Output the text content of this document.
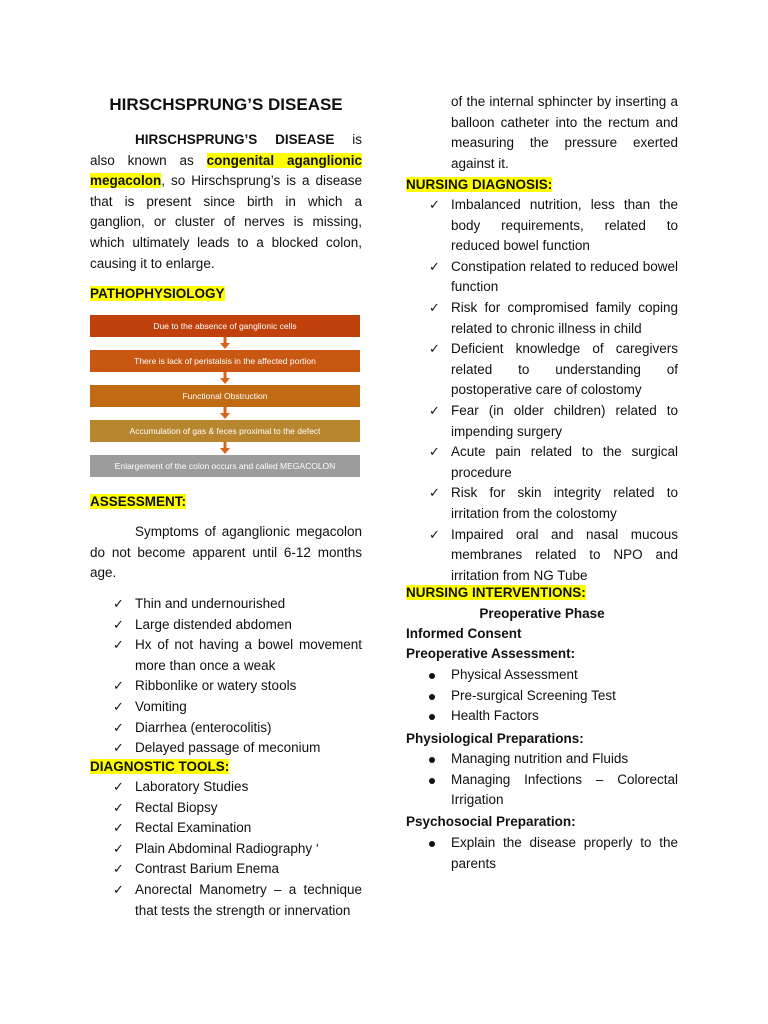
HIRSCHSPRUNG’S DISEASE
HIRSCHSPRUNG’S DISEASE is also known as congenital aganglionic megacolon, so Hirschsprung’s is a disease that is present since birth in which a ganglion, or cluster of nerves is missing, which ultimately leads to a blocked colon, causing it to enlarge.
PATHOPHYSIOLOGY
Due to the absence of ganglionic cells
There is lack of peristalsis in the affected portion
Functional Obstruction
Accumulation of gas & feces proximal to the defect
Enlargement of the colon occurs and called MEGACOLON
ASSESSMENT:
Symptoms of aganglionic megacolon do not become apparent until 6-12 months age.
✓ Thin and undernourished
✓ Large distended abdomen
✓ Hx of not having a bowel movement more than once a weak
✓ Ribbonlike or watery stools
✓ Vomiting
✓ Diarrhea (enterocolitis)
✓ Delayed passage of meconium
DIAGNOSTIC TOOLS:
✓ Laboratory Studies
✓ Rectal Biopsy
✓ Rectal Examination
✓ Plain Abdominal Radiography ‘
✓ Contrast Barium Enema
✓ Anorectal Manometry – a technique that tests the strength or innervation
of the internal sphincter by inserting a balloon catheter into the rectum and measuring the pressure exerted against it.
NURSING DIAGNOSIS:
✓ Imbalanced nutrition, less than the body requirements, related to reduced bowel function
✓ Constipation related to reduced bowel function
✓ Risk for compromised family coping related to chronic illness in child
✓ Deficient knowledge of caregivers related to understanding of postoperative care of colostomy
✓ Fear (in older children) related to impending surgery
✓ Acute pain related to the surgical procedure
✓ Risk for skin integrity related to irritation from the colostomy
✓ Impaired oral and nasal mucous membranes related to NPO and irritation from NG Tube
NURSING INTERVENTIONS:
Preoperative Phase
Informed Consent
Preoperative Assessment:
Physical Assessment
Pre-surgical Screening Test
Health Factors
Physiological Preparations:
Managing nutrition and Fluids
Managing Infections – Colorectal Irrigation
Psychosocial Preparation:
Explain the disease properly to the parents
